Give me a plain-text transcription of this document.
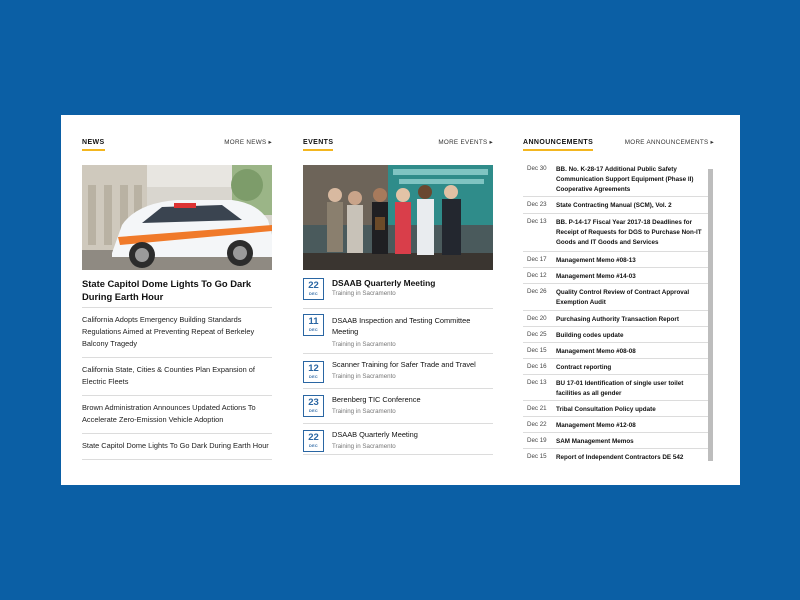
NEWS	MORE NEWS ▸
State Capitol Dome Lights To Go Dark During Earth Hour
California Adopts Emergency Building Standards Regulations Aimed at Preventing Repeat of Berkeley Balcony Tragedy
California State, Cities & Counties Plan Expansion of Electric Fleets
Brown Administration Announces Updated Actions To Accelerate Zero-Emission Vehicle Adoption
State Capitol Dome Lights To Go Dark During Earth Hour
EVENTS	MORE EVENTS ▸
22
DEC
DSAAB Quarterly Meeting
Training in Sacramento
11
DEC
DSAAB Inspection and Testing Committee Meeting
Training in Sacramento
12
DEC
Scanner Training for Safer Trade and Travel
Training in Sacramento
23
DEC
Berenberg TIC Conference
Training in Sacramento
22
DEC
DSAAB Quarterly Meeting
Training in Sacramento
ANNOUNCEMENTS	MORE ANNOUNCEMENTS ▸
Dec 30 BB. No. K-28-17 Additional Public Safety Communication Support Equipment (Phase II) Cooperative Agreements
Dec 23 State Contracting Manual (SCM), Vol. 2
Dec 13 BB. P-14-17 Fiscal Year 2017-18 Deadlines for Receipt of Requests for DGS to Purchase Non-IT Goods and IT Goods and Services
Dec 17 Management Memo #08-13
Dec 12 Management Memo #14-03
Dec 26 Quality Control Review of Contract Approval Exemption Audit
Dec 20 Purchasing Authority Transaction Report
Dec 25 Building codes update
Dec 15 Management Memo #08-08
Dec 16 Contract reporting
Dec 13 BU 17-01 Identification of single user toilet facilities as all gender
Dec 21 Tribal Consultation Policy update
Dec 22 Management Memo #12-08
Dec 19 SAM Management Memos
Dec 15 Report of Independent Contractors DE 542
